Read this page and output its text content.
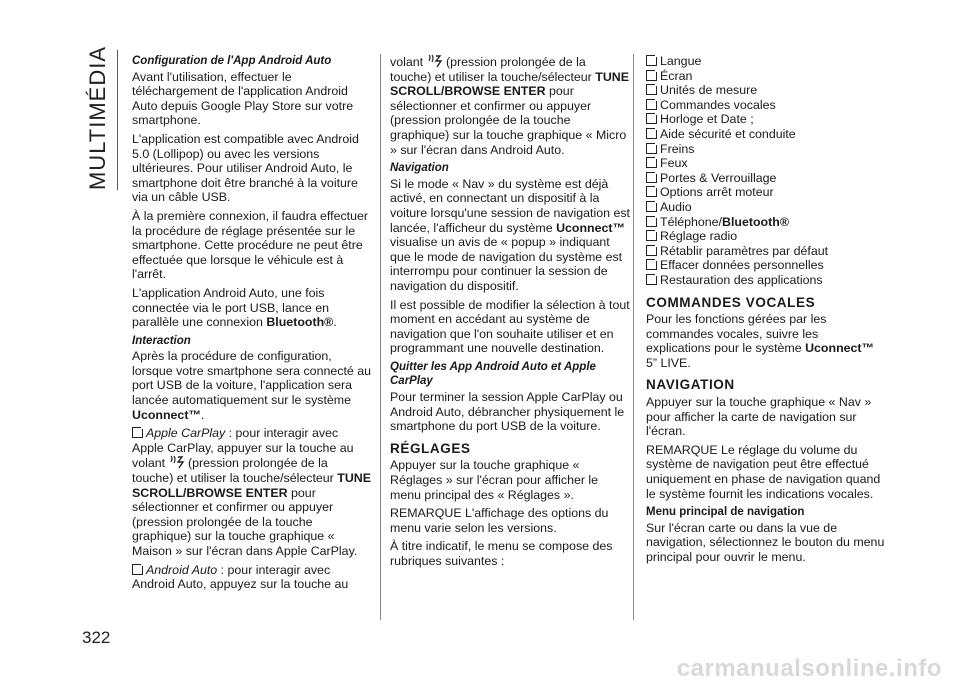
MULTIMÉDIA
322
Configuration de l'App Android Auto

Avant l'utilisation, effectuer le téléchargement de l'application Android Auto depuis Google Play Store sur votre smartphone.

L'application est compatible avec Android 5.0 (Lollipop) ou avec les versions ultérieures. Pour utiliser Android Auto, le smartphone doit être branché à la voiture via un câble USB.

À la première connexion, il faudra effectuer la procédure de réglage présentée sur le smartphone. Cette procédure ne peut être effectuée que lorsque le véhicule est à l'arrêt.

L'application Android Auto, une fois connectée via le port USB, lance en parallèle une connexion Bluetooth®.

Interaction

Après la procédure de configuration, lorsque votre smartphone sera connecté au port USB de la voiture, l'application sera lancée automatiquement sur le système Uconnect™.

Apple CarPlay : pour interagir avec Apple CarPlay, appuyer sur la touche au volant  (pression prolongée de la touche) et utiliser la touche/sélecteur TUNE SCROLL/BROWSE ENTER pour sélectionner et confirmer ou appuyer (pression prolongée de la touche graphique) sur la touche graphique « Maison » sur l'écran dans Apple CarPlay.

Android Auto : pour interagir avec Android Auto, appuyez sur la touche au

volant  (pression prolongée de la touche) et utiliser la touche/sélecteur TUNE SCROLL/BROWSE ENTER pour sélectionner et confirmer ou appuyer (pression prolongée de la touche graphique) sur la touche graphique « Micro » sur l'écran dans Android Auto.

Navigation

Si le mode « Nav » du système est déjà activé, en connectant un dispositif à la voiture lorsqu'une session de navigation est lancée, l'afficheur du système Uconnect™ visualise un avis de « popup » indiquant que le mode de navigation du système est interrompu pour continuer la session de navigation du dispositif.

Il est possible de modifier la sélection à tout moment en accédant au système de navigation que l'on souhaite utiliser et en programmant une nouvelle destination.

Quitter les App Android Auto et Apple CarPlay

Pour terminer la session Apple CarPlay ou Android Auto, débrancher physiquement le smartphone du port USB de la voiture.

RÉGLAGES

Appuyer sur la touche graphique « Réglages » sur l'écran pour afficher le menu principal des « Réglages ».

REMARQUE L'affichage des options du menu varie selon les versions.

À titre indicatif, le menu se compose des rubriques suivantes :

Langue
Écran
Unités de mesure
Commandes vocales
Horloge et Date ;
Aide sécurité et conduite
Freins
Feux
Portes & Verrouillage
Options arrêt moteur
Audio
Téléphone/Bluetooth®
Réglage radio
Rétablir paramètres par défaut
Effacer données personnelles
Restauration des applications
COMMANDES VOCALES

Pour les fonctions gérées par les commandes vocales, suivre les explications pour le système Uconnect™ 5” LIVE.

NAVIGATION

Appuyer sur la touche graphique « Nav » pour afficher la carte de navigation sur l'écran.

REMARQUE Le réglage du volume du système de navigation peut être effectué uniquement en phase de navigation quand le système fournit les indications vocales.

Menu principal de navigation

Sur l'écran carte ou dans la vue de navigation, sélectionnez le bouton du menu principal pour ouvrir le menu.

carmanualsonline.info
